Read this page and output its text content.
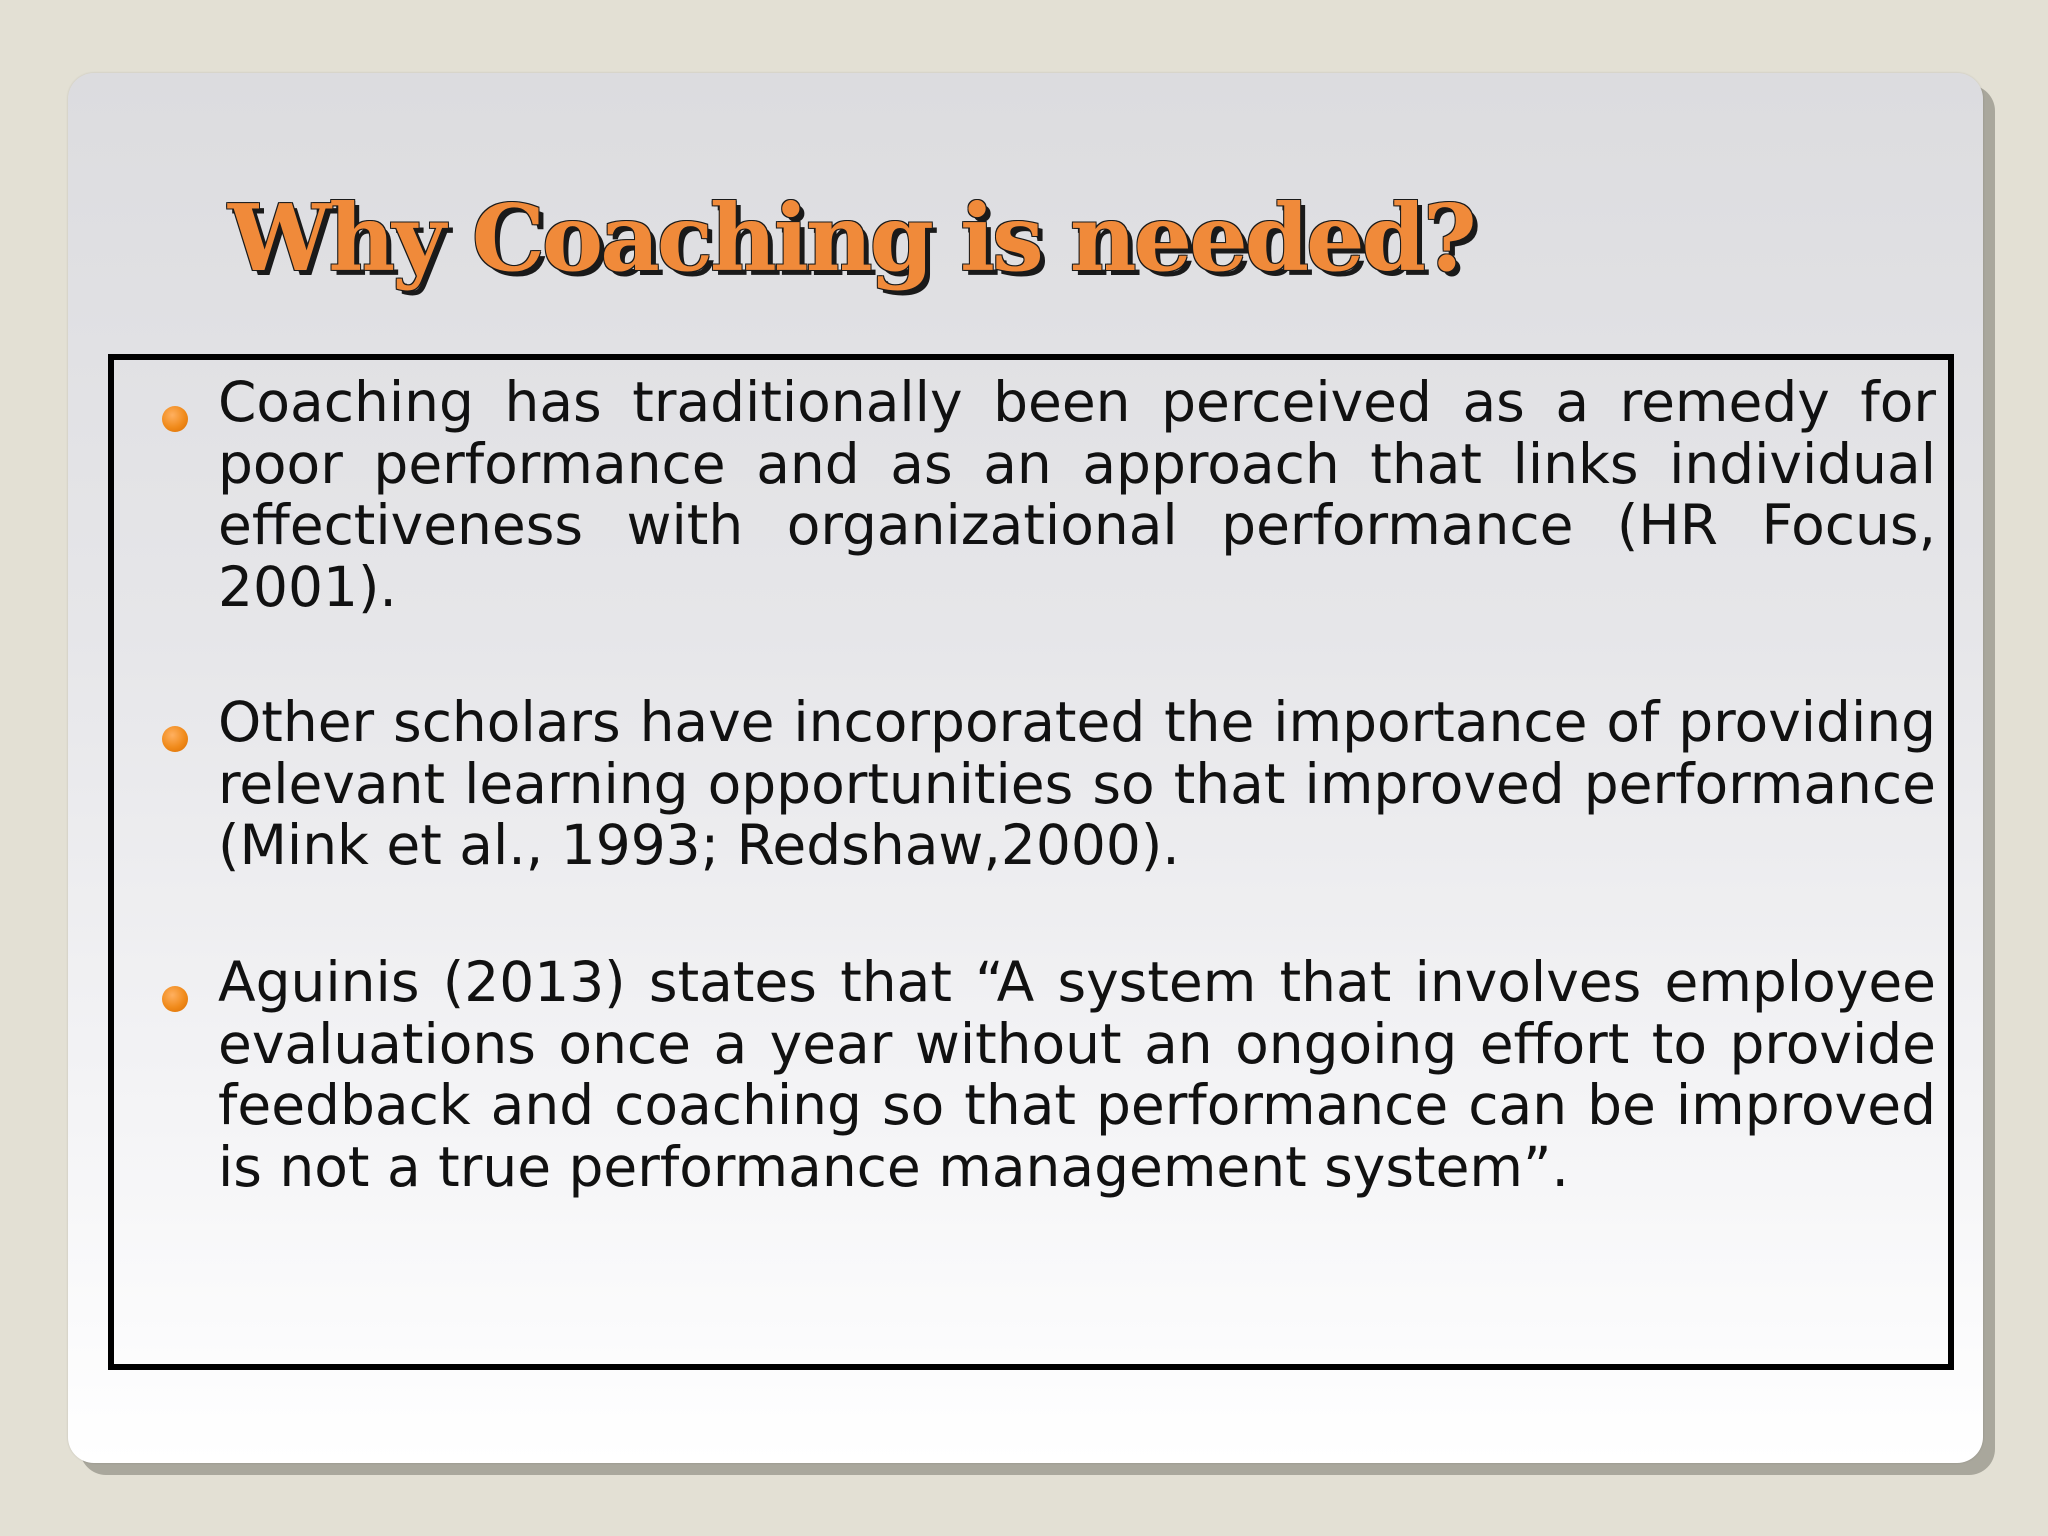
Why Coaching is needed?

Coaching has traditionally been perceived as a remedy for poor performance and as an approach that links individual effectiveness with organizational performance (HR Focus, 2001).

Other scholars have incorporated the importance of providing relevant learning opportunities so that improved performance (Mink et al., 1993; Redshaw,2000).

Aguinis (2013) states that “A system that involves employee evaluations once a year without an ongoing effort to provide feedback and coaching so that performance can be improved is not a true performance management system”.
